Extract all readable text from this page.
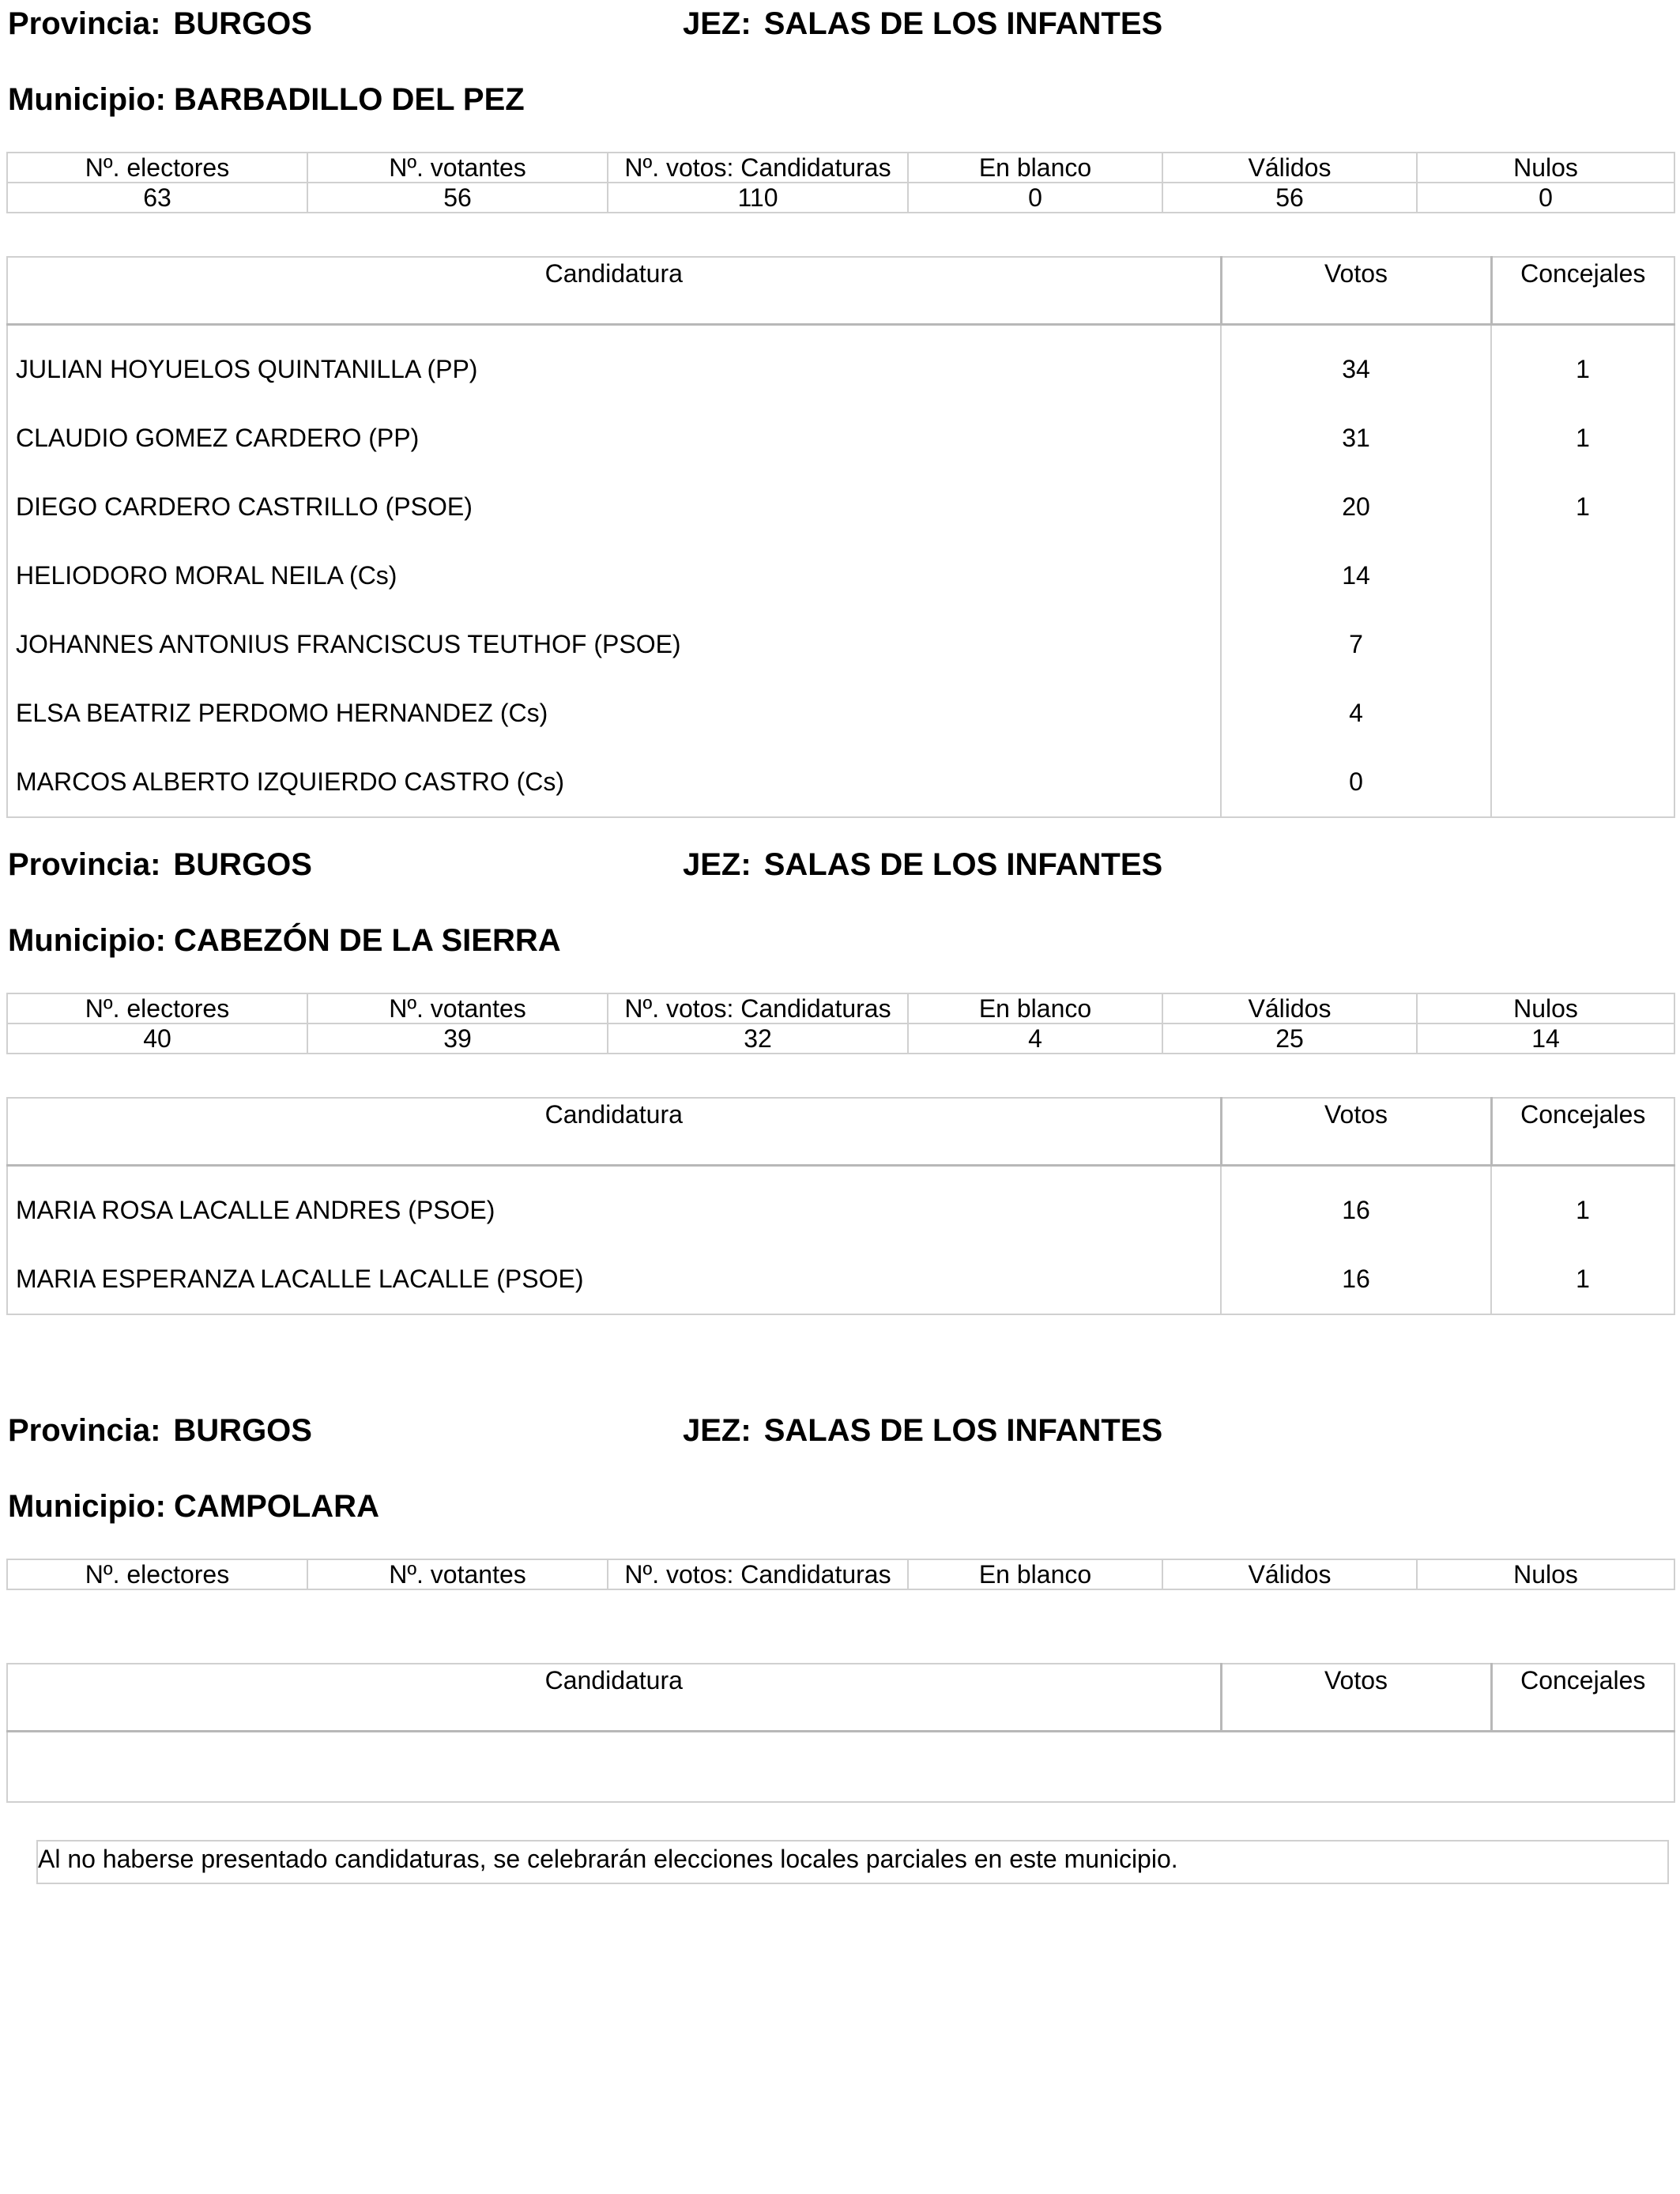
Provincia: BURGOS	JEZ: SALAS DE LOS INFANTES
Municipio: BARBADILLO DEL PEZ
Nº. electores	Nº. votantes	Nº. votos: Candidaturas	En blanco	Válidos	Nulos
63	56	110	0	56	0
Candidatura	Votos	Concejales
JULIAN HOYUELOS QUINTANILLA (PP)	34	1
CLAUDIO GOMEZ CARDERO (PP)	31	1
DIEGO CARDERO CASTRILLO (PSOE)	20	1
HELIODORO MORAL NEILA (Cs)	14	
JOHANNES ANTONIUS FRANCISCUS TEUTHOF (PSOE)	7	
ELSA BEATRIZ PERDOMO HERNANDEZ (Cs)	4	
MARCOS ALBERTO IZQUIERDO CASTRO (Cs)	0	
Provincia: BURGOS	JEZ: SALAS DE LOS INFANTES
Municipio: CABEZÓN DE LA SIERRA
Nº. electores	Nº. votantes	Nº. votos: Candidaturas	En blanco	Válidos	Nulos
40	39	32	4	25	14
Candidatura	Votos	Concejales
MARIA ROSA LACALLE ANDRES (PSOE)	16	1
MARIA ESPERANZA LACALLE LACALLE (PSOE)	16	1
Provincia: BURGOS	JEZ: SALAS DE LOS INFANTES
Municipio: CAMPOLARA
Nº. electores	Nº. votantes	Nº. votos: Candidaturas	En blanco	Válidos	Nulos
Candidatura	Votos	Concejales

Al no haberse presentado candidaturas, se celebrarán elecciones locales parciales en este municipio.
